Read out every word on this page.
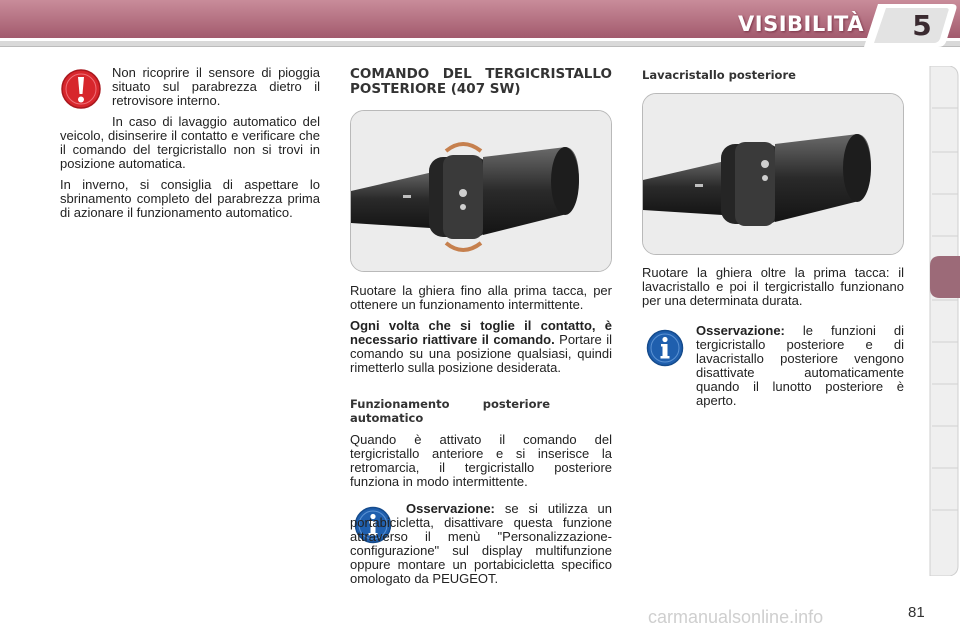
VISIBILITÀ	5

Non ricoprire il sensore di pioggia situato sul parabrezza dietro il retrovisore interno.

In caso di lavaggio automatico del veicolo, disinserire il contatto e verificare che il comando del tergicristallo non si trovi in posizione automatica.

In inverno, si consiglia di aspettare lo sbrinamento completo del parabrezza prima di azionare il funzionamento automatico.

COMANDO DEL TERGICRISTALLO POSTERIORE (407 SW)

Ruotare la ghiera fino alla prima tacca, per ottenere un funzionamento intermittente.

Ogni volta che si toglie il contatto, è necessario riattivare il comando. Portare il comando su una posizione qualsiasi, quindi rimetterlo sulla posizione desiderata.

Funzionamento posteriore automatico

Quando è attivato il comando del tergicristallo anteriore e si inserisce la retromarcia, il tergicristallo posteriore funziona in modo intermittente.

Osservazione: se si utilizza un portabicicletta, disattivare questa funzione attraverso il menù "Personalizzazione-configurazione" sul display multifunzione oppure montare un portabicicletta specifico omologato da PEUGEOT.

Lavacristallo posteriore

Ruotare la ghiera oltre la prima tacca: il lavacristallo e poi il tergicristallo funzionano per una determinata durata.

Osservazione: le funzioni di tergicristallo posteriore e di lavacristallo posteriore vengono disattivate automaticamente quando il lunotto posteriore è aperto.

carmanualsonline.info	81
